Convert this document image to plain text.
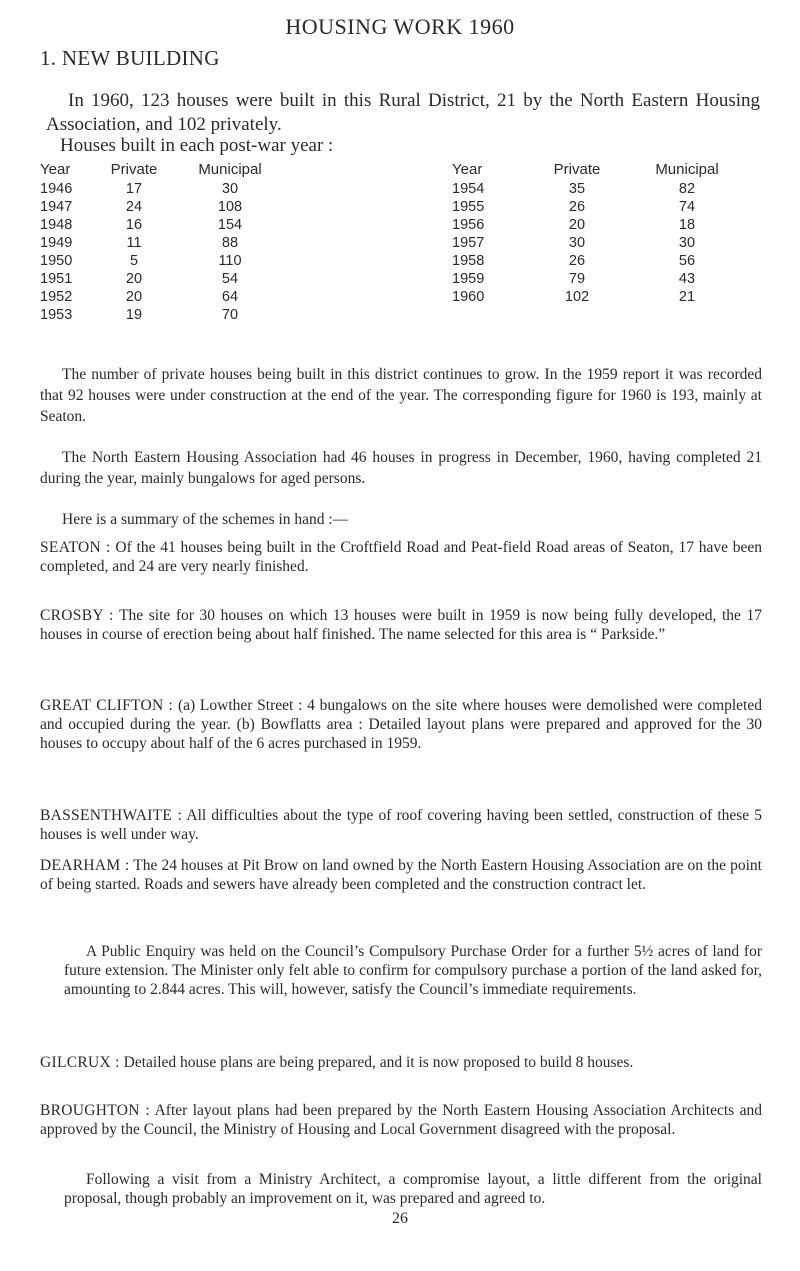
HOUSING WORK 1960
1. NEW BUILDING

In 1960, 123 houses were built in this Rural District, 21 by the North Eastern Housing Association, and 102 privately.

Houses built in each post-war year :
Year	Private	Municipal
1946	17	30
1947	24	108
1948	16	154
1949	11	88
1950	5	110
1951	20	54
1952	20	64
1953	19	70
Year	Private	Municipal
1954	35	82
1955	26	74
1956	20	18
1957	30	30
1958	26	56
1959	79	43
1960	102	21

The number of private houses being built in this district continues to grow. In the 1959 report it was recorded that 92 houses were under construction at the end of the year. The corresponding figure for 1960 is 193, mainly at Seaton.

The North Eastern Housing Association had 46 houses in progress in December, 1960, having completed 21 during the year, mainly bungalows for aged persons.

Here is a summary of the schemes in hand :—

SEATON : Of the 41 houses being built in the Croftfield Road and Peat-field Road areas of Seaton, 17 have been completed, and 24 are very nearly finished.
CROSBY : The site for 30 houses on which 13 houses were built in 1959 is now being fully developed, the 17 houses in course of erection being about half finished. The name selected for this area is “ Parkside.”
GREAT CLIFTON : (a) Lowther Street : 4 bungalows on the site where houses were demolished were completed and occupied during the year. (b) Bowflatts area : Detailed layout plans were prepared and approved for the 30 houses to occupy about half of the 6 acres purchased in 1959.
BASSENTHWAITE : All difficulties about the type of roof covering having been settled, construction of these 5 houses is well under way.
DEARHAM : The 24 houses at Pit Brow on land owned by the North Eastern Housing Association are on the point of being started. Roads and sewers have already been completed and the construction contract let.

A Public Enquiry was held on the Council’s Compulsory Purchase Order for a further 5½ acres of land for future extension. The Minister only felt able to confirm for compulsory purchase a portion of the land asked for, amounting to 2.844 acres. This will, however, satisfy the Council’s immediate requirements.

GILCRUX : Detailed house plans are being prepared, and it is now proposed to build 8 houses.
BROUGHTON : After layout plans had been prepared by the North Eastern Housing Association Architects and approved by the Council, the Ministry of Housing and Local Government disagreed with the proposal.

Following a visit from a Ministry Architect, a compromise layout, a little different from the original proposal, though probably an improvement on it, was prepared and agreed to.

26
